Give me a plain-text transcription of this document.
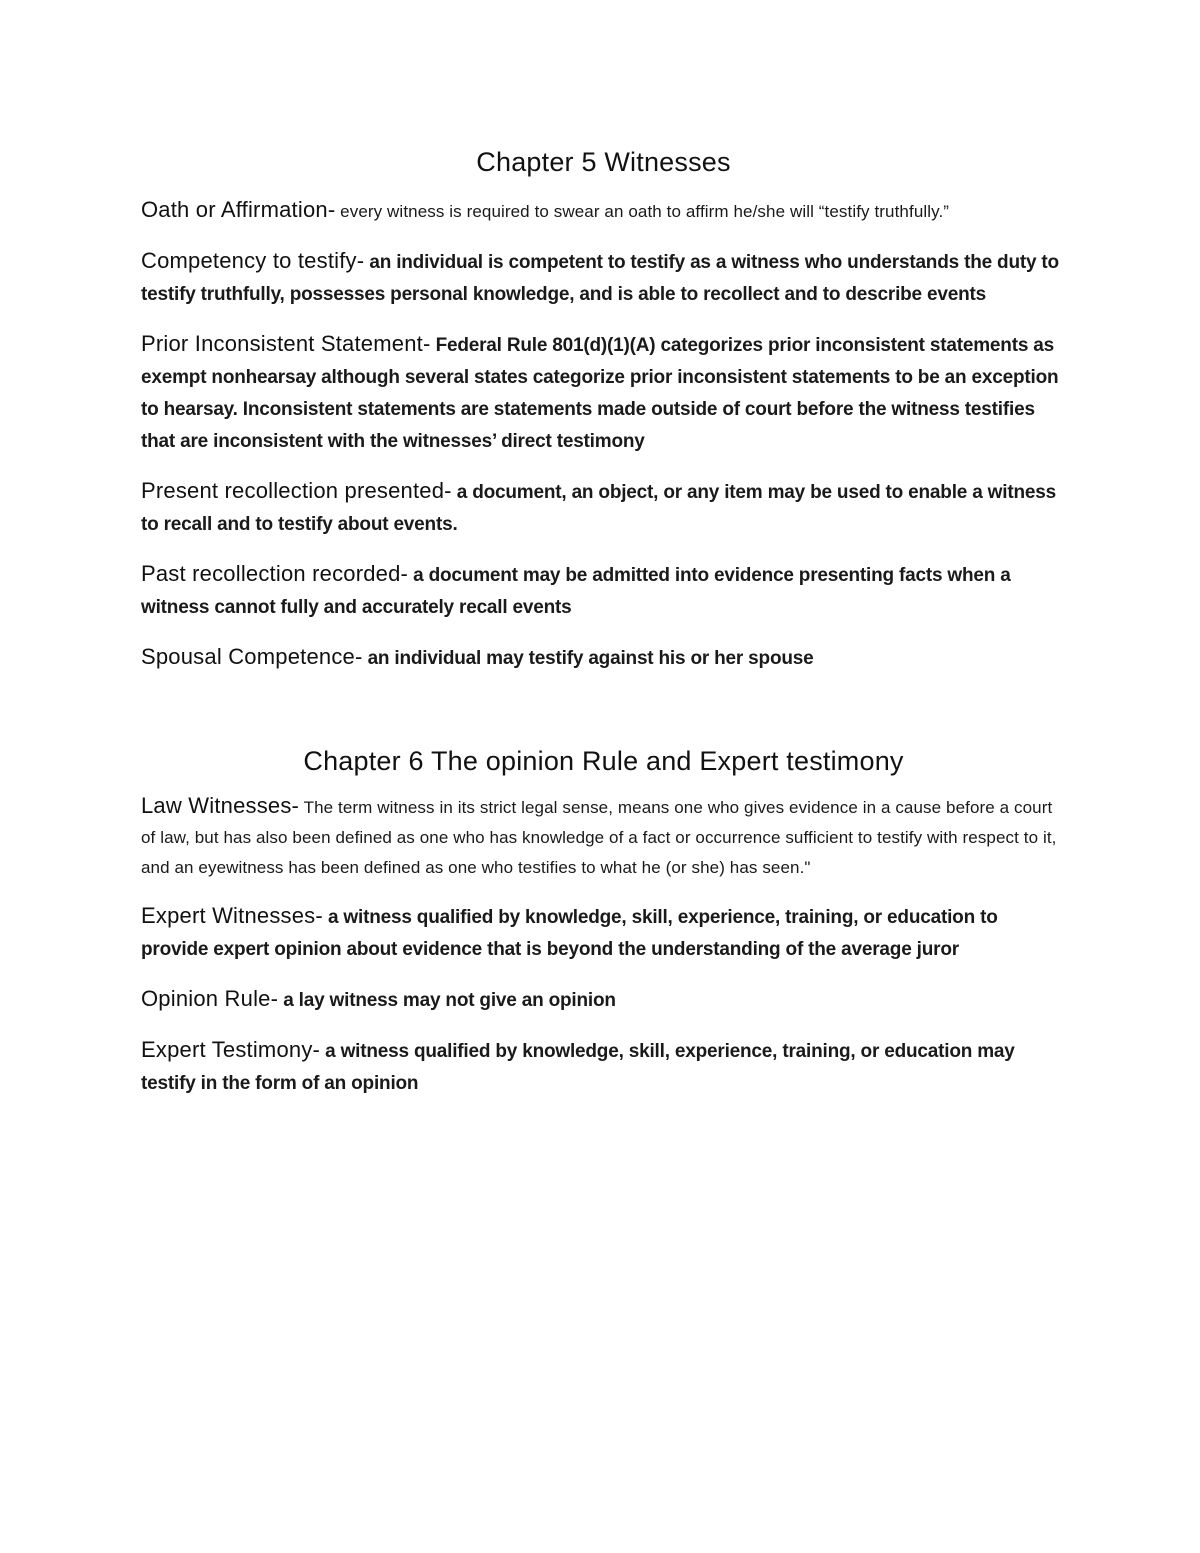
Chapter 5 Witnesses

Oath or Affirmation- every witness is required to swear an oath to affirm he/she will “testify truthfully.”

Competency to testify- an individual is competent to testify as a witness who understands the duty to testify truthfully, possesses personal knowledge, and is able to recollect and to describe events

Prior Inconsistent Statement- Federal Rule 801(d)(1)(A) categorizes prior inconsistent statements as exempt nonhearsay although several states categorize prior inconsistent statements to be an exception to hearsay. Inconsistent statements are statements made outside of court before the witness testifies that are inconsistent with the witnesses’ direct testimony

Present recollection presented- a document, an object, or any item may be used to enable a witness to recall and to testify about events.

Past recollection recorded- a document may be admitted into evidence presenting facts when a witness cannot fully and accurately recall events

Spousal Competence- an individual may testify against his or her spouse

Chapter 6 The opinion Rule and Expert testimony

Law Witnesses- The term witness in its strict legal sense, means one who gives evidence in a cause before a court of law, but has also been defined as one who has knowledge of a fact or occurrence sufficient to testify with respect to it, and an eyewitness has been defined as one who testifies to what he (or she) has seen."

Expert Witnesses- a witness qualified by knowledge, skill, experience, training, or education to provide expert opinion about evidence that is beyond the understanding of the average juror

Opinion Rule- a lay witness may not give an opinion

Expert Testimony- a witness qualified by knowledge, skill, experience, training, or education may testify in the form of an opinion
